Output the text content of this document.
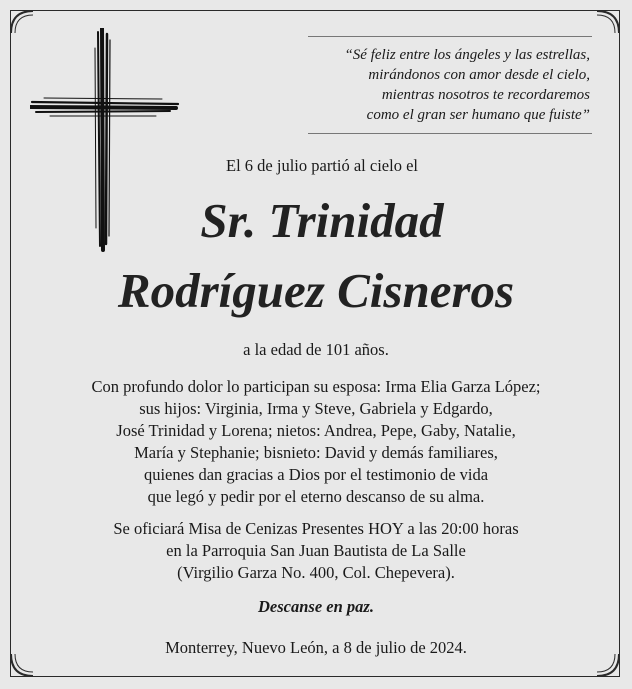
“Sé feliz entre los ángeles y las estrellas,
mirándonos con amor desde el cielo,
mientras nosotros te recordaremos
como el gran ser humano que fuiste”
El 6 de julio partió al cielo el
Sr. Trinidad
Rodríguez Cisneros
a la edad de 101 años.
Con profundo dolor lo participan su esposa: Irma Elia Garza López;
sus hijos: Virginia, Irma y Steve, Gabriela y Edgardo,
José Trinidad y Lorena; nietos: Andrea, Pepe, Gaby, Natalie,
María y Stephanie; bisnieto: David y demás familiares,
quienes dan gracias a Dios por el testimonio de vida
que legó y pedir por el eterno descanso de su alma.
Se oficiará Misa de Cenizas Presentes HOY a las 20:00 horas
en la Parroquia San Juan Bautista de La Salle
(Virgilio Garza No. 400, Col. Chepevera).
Descanse en paz.
Monterrey, Nuevo León, a 8 de julio de 2024.
